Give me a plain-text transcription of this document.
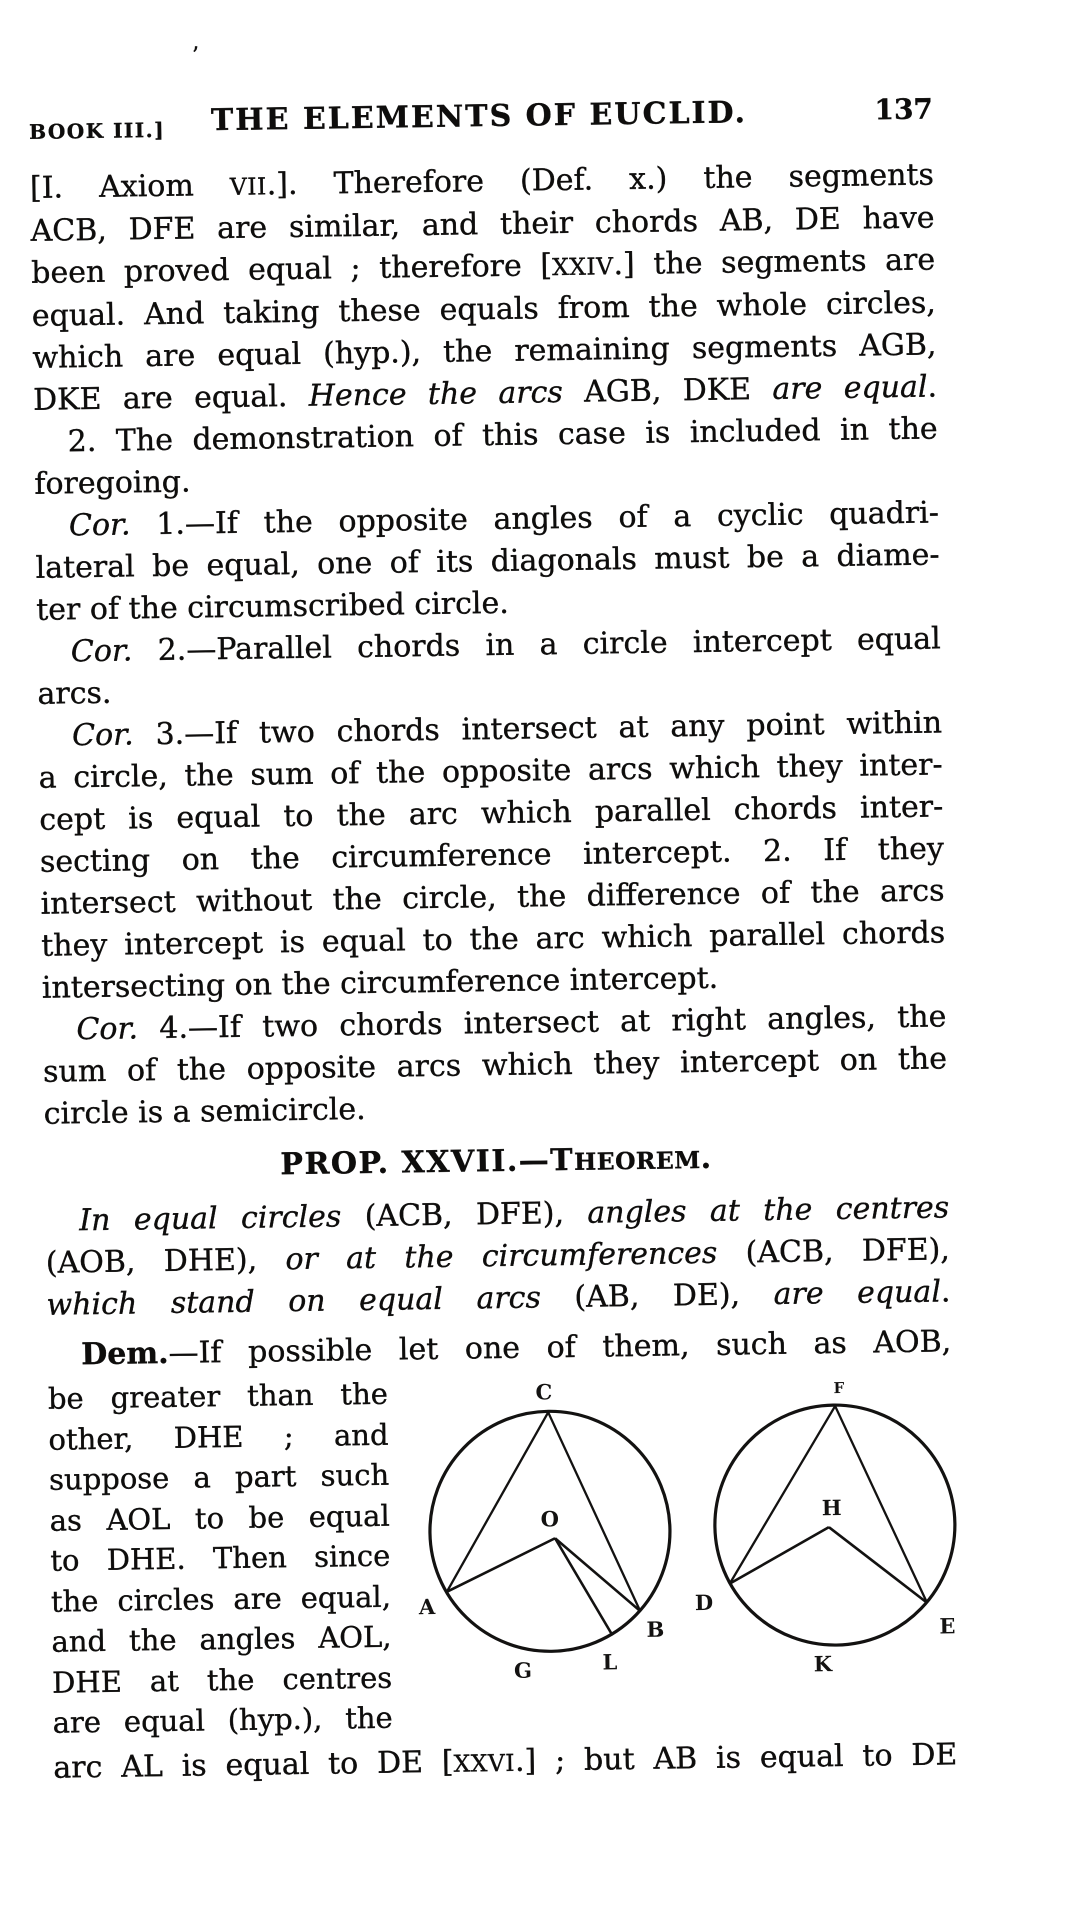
’
BOOK III.]	THE ELEMENTS OF EUCLID.	137
[I. Axiom VII.]. Therefore (Def. x.) the segments
ACB, DFE are similar, and their chords AB, DE have
been proved equal ; therefore [XXIV.] the segments are
equal. And taking these equals from the whole circles,
which are equal (hyp.), the remaining segments AGB,
DKE are equal. Hence the arcs AGB, DKE are equal.
2. The demonstration of this case is included in the
foregoing.
Cor. 1.—If the opposite angles of a cyclic quadri-
lateral be equal, one of its diagonals must be a diame-
ter of the circumscribed circle.
Cor. 2.—Parallel chords in a circle intercept equal
arcs.
Cor. 3.—If two chords intersect at any point within
a circle, the sum of the opposite arcs which they inter-
cept is equal to the arc which parallel chords inter-
secting on the circumference intercept. 2. If they
intersect without the circle, the difference of the arcs
they intercept is equal to the arc which parallel chords
intersecting on the circumference intercept.
Cor. 4.—If two chords intersect at right angles, the
sum of the opposite arcs which they intercept on the
circle is a semicircle.
PROP. XXVII.—THEOREM.
In equal circles (ACB, DFE), angles at the centres
(AOB, DHE), or at the circumferences (ACB, DFE),
which stand on equal arcs (AB, DE), are equal.
Dem.—If possible let one of them, such as AOB,
be greater than the
other, DHE ; and
suppose a part such
as AOL to be equal
to DHE. Then since
the circles are equal,
and the angles AOL,
DHE at the centres
are equal (hyp.), the
C
O
A
B
G	L
F
H
D
E
K
arc AL is equal to DE [XXVI.] ; but AB is equal to DE
